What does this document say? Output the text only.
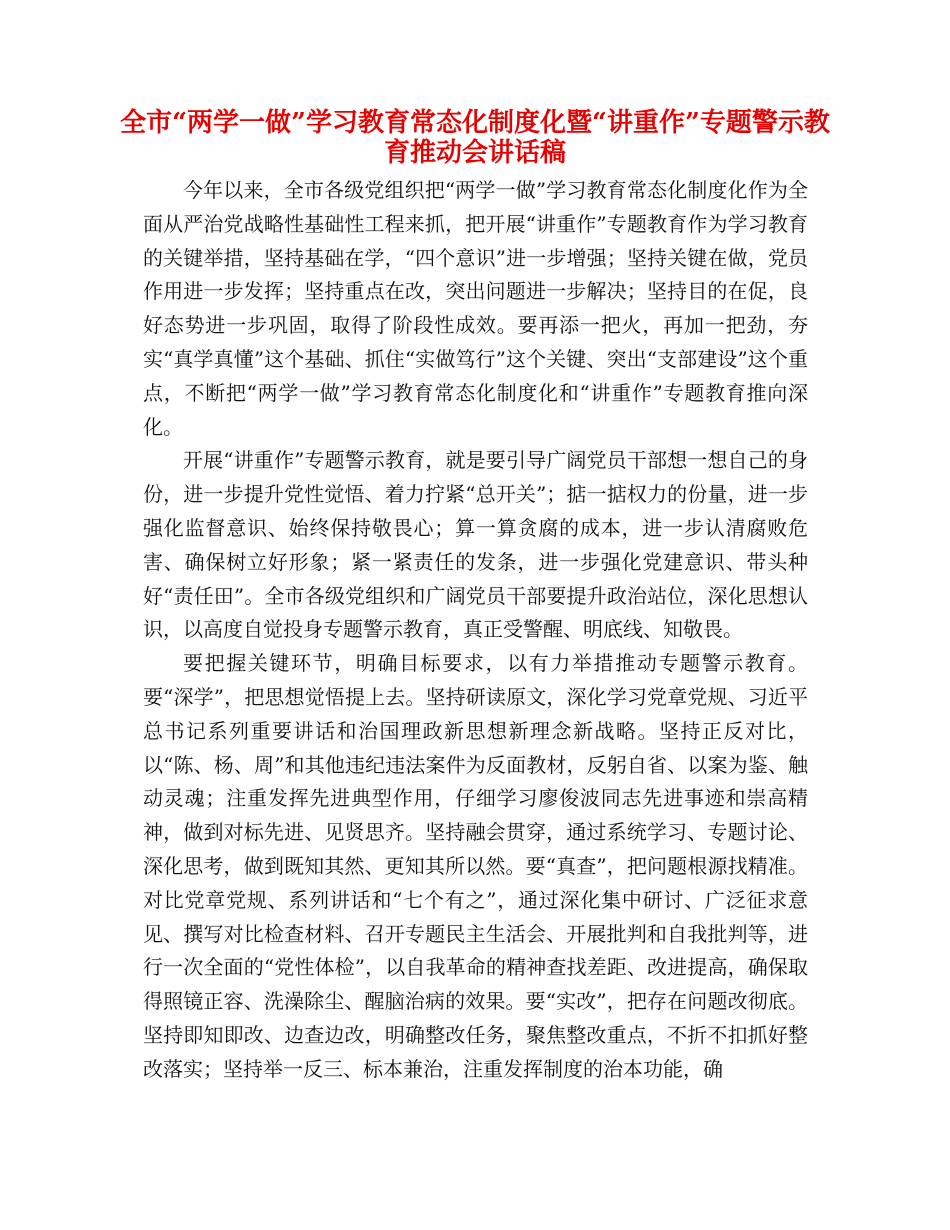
全市“两学一做”学习教育常态化制度化暨“讲重作”专题警示教育推动会讲话稿

今年以来，全市各级党组织把“两学一做”学习教育常态化制度化作为全面从严治党战略性基础性工程来抓，把开展“讲重作”专题教育作为学习教育的关键举措，坚持基础在学，“四个意识”进一步增强；坚持关键在做，党员作用进一步发挥；坚持重点在改，突出问题进一步解决；坚持目的在促，良好态势进一步巩固，取得了阶段性成效。要再添一把火，再加一把劲，夯实“真学真懂”这个基础、抓住“实做笃行”这个关键、突出“支部建设”这个重点，不断把“两学一做”学习教育常态化制度化和“讲重作”专题教育推向深化。

开展“讲重作”专题警示教育，就是要引导广阔党员干部想一想自己的身份，进一步提升党性觉悟、着力拧紧“总开关”；掂一掂权力的份量，进一步强化监督意识、始终保持敬畏心；算一算贪腐的成本，进一步认清腐败危害、确保树立好形象；紧一紧责任的发条，进一步强化党建意识、带头种好“责任田”。全市各级党组织和广阔党员干部要提升政治站位，深化思想认识，以高度自觉投身专题警示教育，真正受警醒、明底线、知敬畏。

要把握关键环节，明确目标要求，以有力举措推动专题警示教育。要“深学”，把思想觉悟提上去。坚持研读原文，深化学习党章党规、习近平总书记系列重要讲话和治国理政新思想新理念新战略。坚持正反对比，以“陈、杨、周”和其他违纪违法案件为反面教材，反躬自省、以案为鉴、触动灵魂；注重发挥先进典型作用，仔细学习廖俊波同志先进事迹和崇高精神，做到对标先进、见贤思齐。坚持融会贯穿，通过系统学习、专题讨论、深化思考，做到既知其然、更知其所以然。要“真查”，把问题根源找精准。对比党章党规、系列讲话和“七个有之”，通过深化集中研讨、广泛征求意见、撰写对比检查材料、召开专题民主生活会、开展批判和自我批判等，进行一次全面的“党性体检”，以自我革命的精神查找差距、改进提高，确保取得照镜正容、洗澡除尘、醒脑治病的效果。要“实改”，把存在问题改彻底。坚持即知即改、边查边改，明确整改任务，聚焦整改重点，不折不扣抓好整改落实；坚持举一反三、标本兼治，注重发挥制度的治本功能，确
